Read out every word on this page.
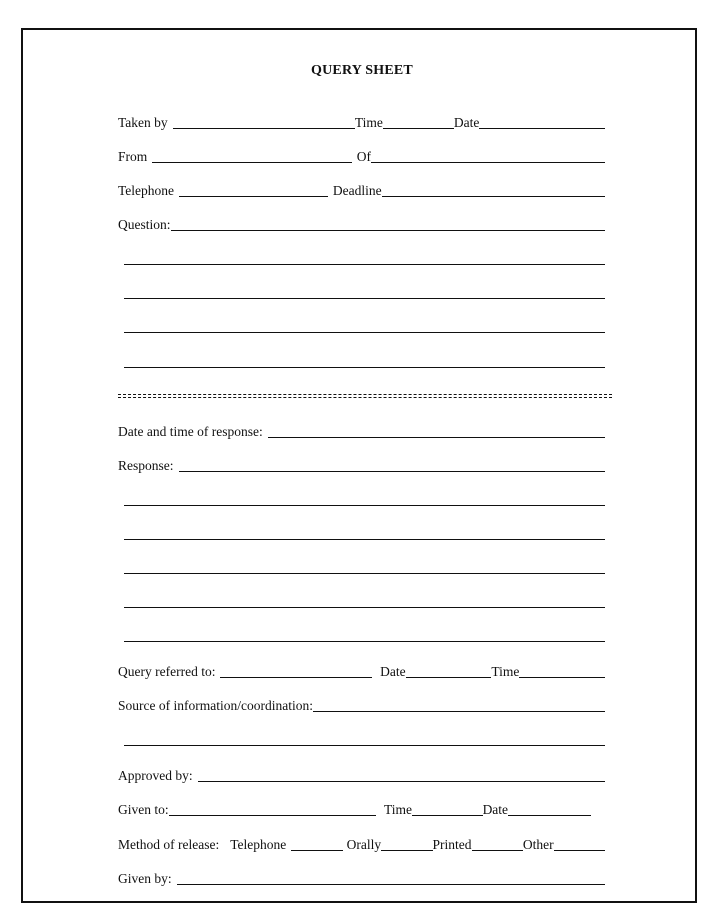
QUERY SHEET
Taken by	Time	Date
From	Of
Telephone	Deadline
Question:
Date and time of response:
Response:
Query referred to:	Date	Time
Source of information/coordination:
Approved by:
Given to:	Time	Date
Method of release: Telephone	Orally	Printed	Other
Given by:
